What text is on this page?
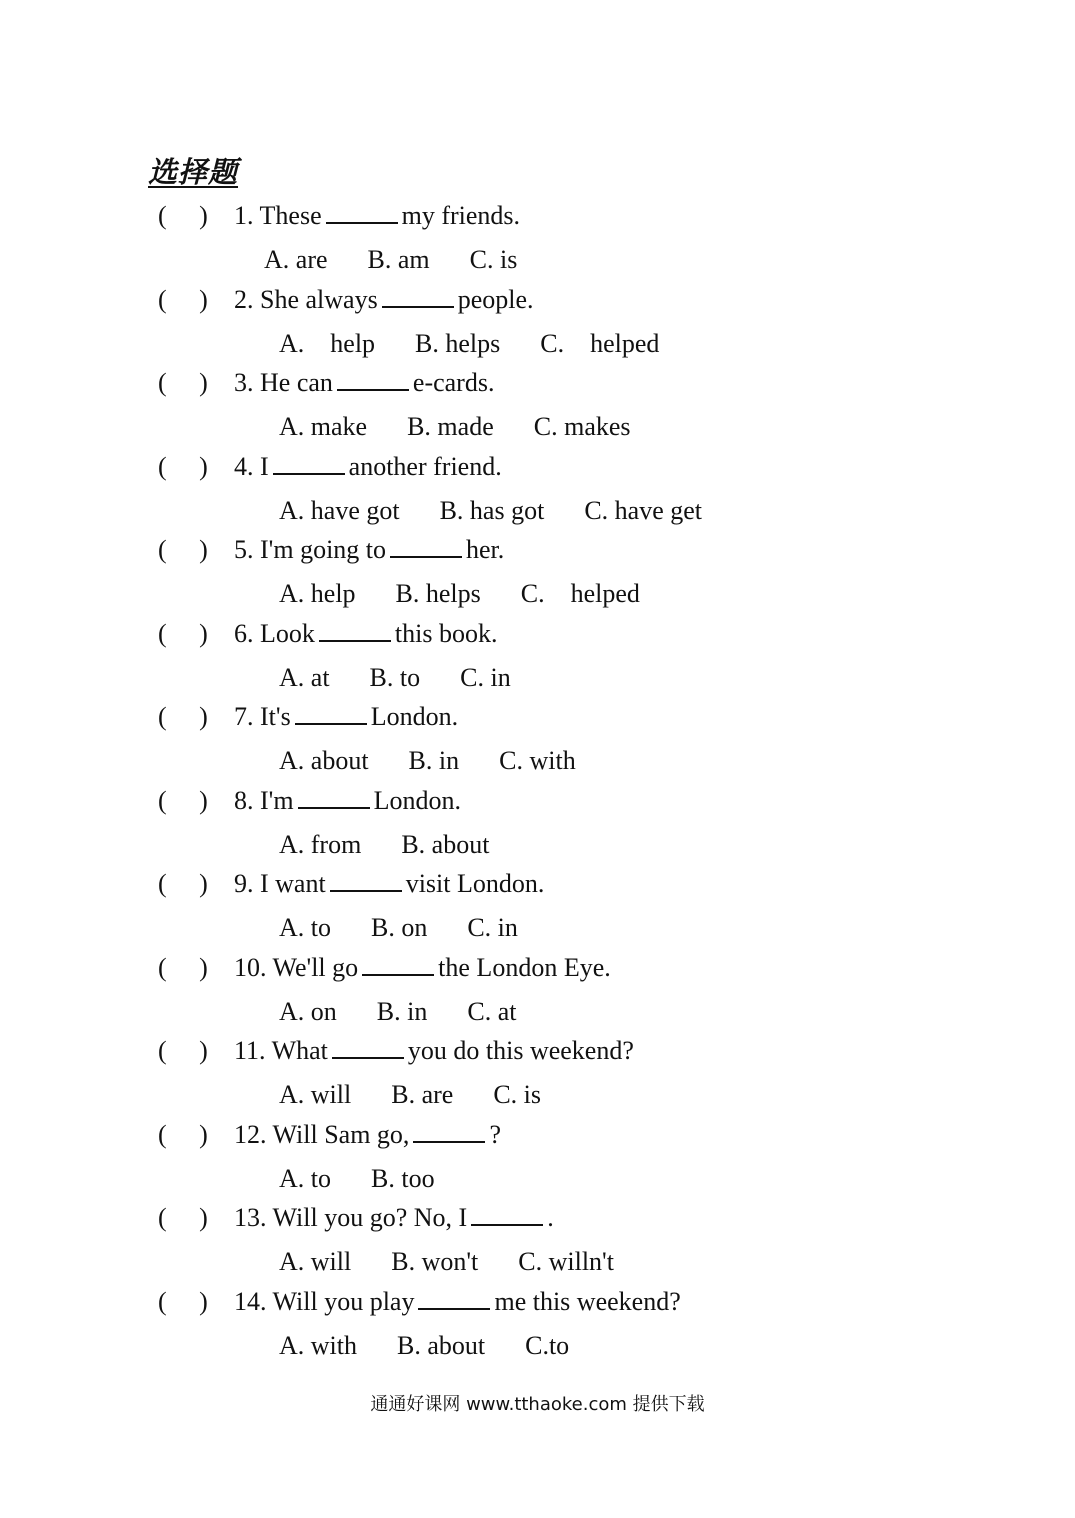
选择题
(　 ) 1. These	my friends.
A. are B. am C. is
(　 ) 2. She always	people.
A. help B. helps C. helped
(　 ) 3. He can	e-cards.
A. make B. made C. makes
(　 ) 4. I	another friend.
A. have got B. has got C. have get
(　 ) 5. I'm going to	her.
A. help B. helps C. helped
(　 ) 6. Look	this book.
A. at B. to C. in
(　 ) 7. It's	London.
A. about B. in C. with
(　 ) 8. I'm	London.
A. from B. about
(　 ) 9. I want	visit London.
A. to B. on C. in
(　 ) 10. We'll go	the London Eye.
A. on B. in C. at
(　 ) 11. What	you do this weekend?
A. will B. are C. is
(　 ) 12. Will Sam go,	?
A. to B. too
(　 ) 13. Will you go? No, I	.
A. will B. won't C. willn't
(　 ) 14. Will you play	me this weekend?
A. with B. about C.to
通通好课网 www.tthaoke.com 提供下载
